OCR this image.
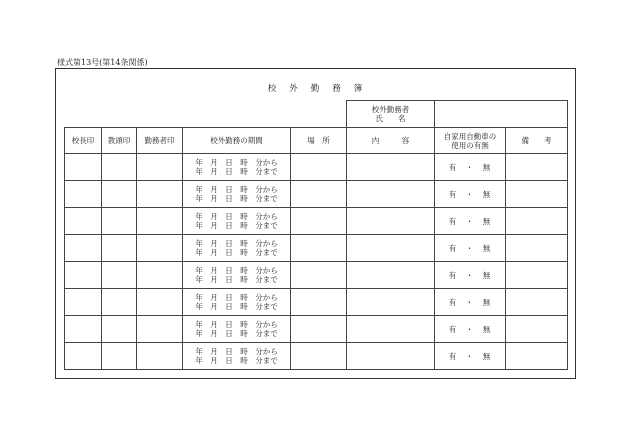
様式第13号(第14条関係)
校外勤務簿

					校外勤務者
氏　　名		

校長印	教頭印	勤務者印	校外勤務の期間	場　所	内　　　容	自家用自動車の
使用の有無	備　　考

			年　月　日　時　分から
年　月　日　時　分まで			有　・　無	

			年　月　日　時　分から
年　月　日　時　分まで			有　・　無	

			年　月　日　時　分から
年　月　日　時　分まで			有　・　無	

			年　月　日　時　分から
年　月　日　時　分まで			有　・　無	

			年　月　日　時　分から
年　月　日　時　分まで			有　・　無	

			年　月　日　時　分から
年　月　日　時　分まで			有　・　無	

			年　月　日　時　分から
年　月　日　時　分まで			有　・　無	

			年　月　日　時　分から
年　月　日　時　分まで			有　・　無	
